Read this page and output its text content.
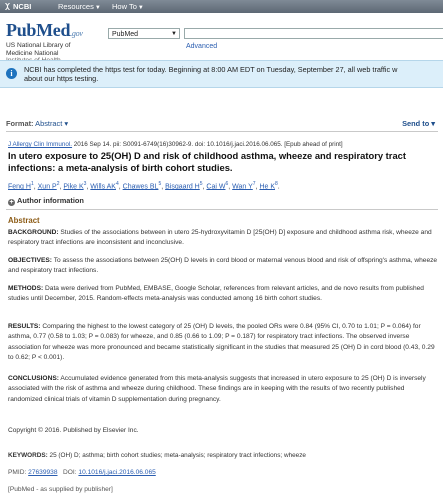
NCBI	Resources▼ How To▼
PubMed.gov
US National Library of
Medicine National
PubMed	▼
Advanced
i	NCBI has completed the https test for today. Beginning at 8:00 AM EDT on Tuesday, September 27, all web traffic w
about our https testing.
Format: Abstract ▾	Send to ▾
J Allergy Clin Immunol. 2016 Sep 14. pii: S0091-6749(16)30962-9. doi: 10.1016/j.jaci.2016.06.065. [Epub ahead of print]
In utero exposure to 25(OH) D and risk of childhood asthma, wheeze and respiratory tract infections: a meta-analysis of birth cohort studies.
Feng $H^1$, Xun $P^2$, Pike $K^3$, Wills $AK^4$, Chawes $BL^5$, Bisgaard $H^5$, Cai $W^6$, Wan $Y^7$, He $K^8$.
+ Author information
Abstract
BACKGROUND: Studies of the associations between in utero 25-hydroxyvitamin D [25(OH) D] exposure and childhood asthma risk, wheeze and respiratory tract infections are inconsistent and inconclusive.
OBJECTIVES: To assess the associations between 25(OH) D levels in cord blood or maternal venous blood and risk of offspring's asthma, wheeze and respiratory tract infections.
METHODS: Data were derived from PubMed, EMBASE, Google Scholar, references from relevant articles, and de novo results from published studies until December, 2015. Random-effects meta-analysis was conducted among 16 birth cohort studies.
RESULTS: Comparing the highest to the lowest category of 25 (OH) D levels, the pooled ORs were 0.84 (95% CI, 0.70 to 1.01; P = 0.064) for asthma, 0.77 (0.58 to 1.03; P = 0.083) for wheeze, and 0.85 (0.66 to 1.09; P = 0.187) for respiratory tract infections. The observed inverse association for wheeze was more pronounced and became statistically significant in the studies that measured 25 (OH) D in cord blood (0.43, 0.29 to 0.62; P < 0.001).
CONCLUSIONS: Accumulated evidence generated from this meta-analysis suggests that increased in utero exposure to 25 (OH) D is inversely associated with the risk of asthma and wheeze during childhood. These findings are in keeping with the results of two recently published randomized clinical trials of vitamin D supplementation during pregnancy.
Copyright © 2016. Published by Elsevier Inc.
KEYWORDS: 25 (OH) D; asthma; birth cohort studies; meta-analysis; respiratory tract infections; wheeze
PMID: 27639938 DOI: 10.1016/j.jaci.2016.06.065
[PubMed - as supplied by publisher]
